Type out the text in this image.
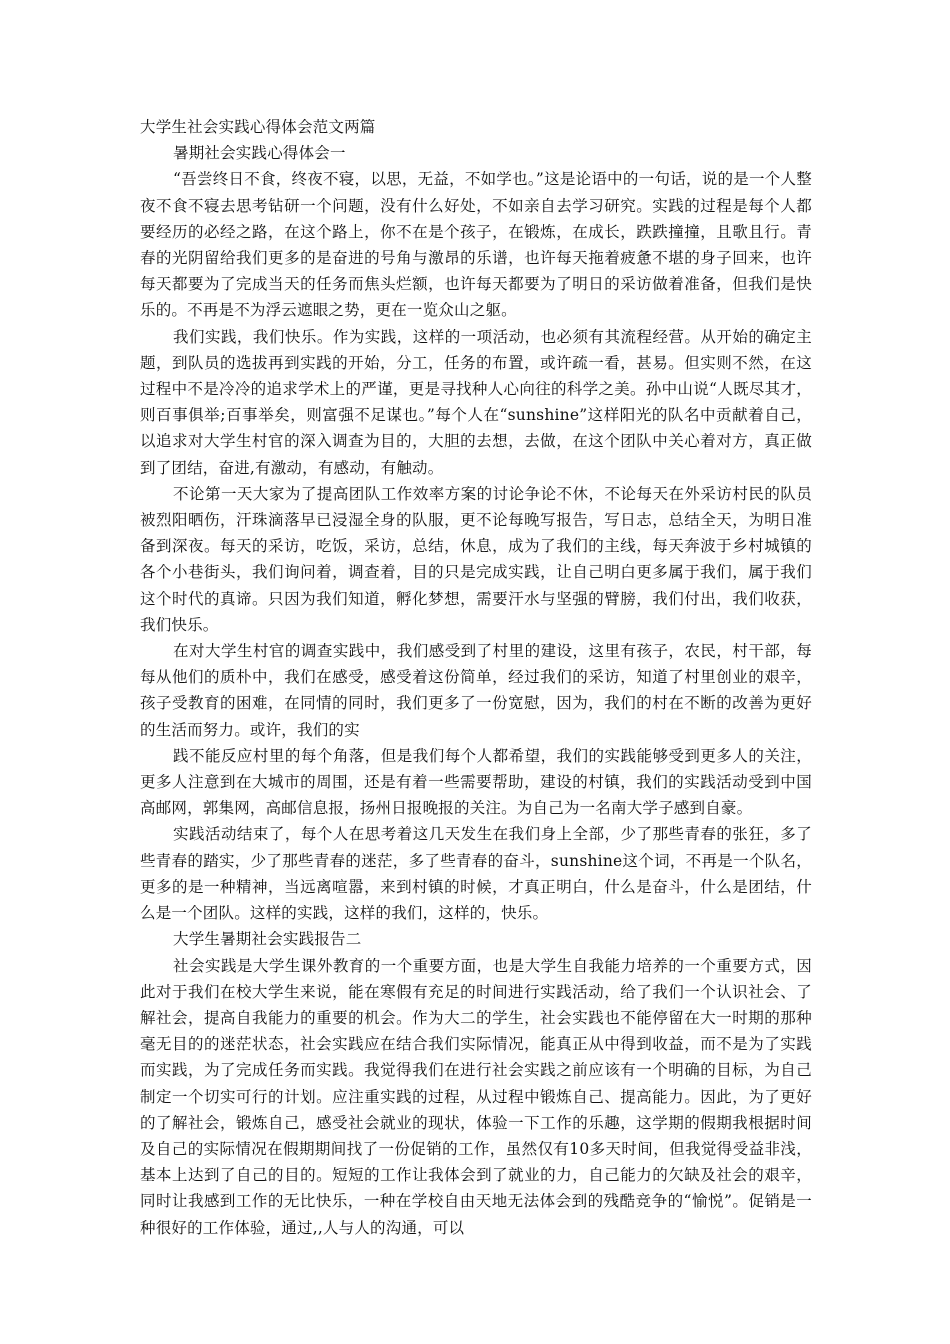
大学生社会实践心得体会范文两篇

暑期社会实践心得体会一

“吾尝终日不食，终夜不寝，以思，无益，不如学也。”这是论语中的一句话，说的是一个人整夜不食不寝去思考钻研一个问题，没有什么好处，不如亲自去学习研究。实践的过程是每个人都要经历的必经之路，在这个路上，你不在是个孩子，在锻炼，在成长，跌跌撞撞，且歌且行。青春的光阴留给我们更多的是奋进的号角与激昂的乐谱，也许每天拖着疲惫不堪的身子回来，也许每天都要为了完成当天的任务而焦头烂额，也许每天都要为了明日的采访做着准备，但我们是快乐的。不再是不为浮云遮眼之势，更在一览众山之躯。

我们实践，我们快乐。作为实践，这样的一项活动，也必须有其流程经营。从开始的确定主题，到队员的选拔再到实践的开始，分工，任务的布置，或许疏一看，甚易。但实则不然，在这过程中不是冷冷的追求学术上的严谨，更是寻找种人心向往的科学之美。孙中山说“人既尽其才，则百事俱举;百事举矣，则富强不足谋也。”每个人在“sunshine”这样阳光的队名中贡献着自己，以追求对大学生村官的深入调查为目的，大胆的去想，去做，在这个团队中关心着对方，真正做到了团结，奋进,有激动，有感动，有触动。

不论第一天大家为了提高团队工作效率方案的讨论争论不休，不论每天在外采访村民的队员被烈阳晒伤，汗珠滴落早已浸湿全身的队服，更不论每晚写报告，写日志，总结全天，为明日准备到深夜。每天的采访，吃饭，采访，总结，休息，成为了我们的主线，每天奔波于乡村城镇的各个小巷街头，我们询问着，调查着，目的只是完成实践，让自己明白更多属于我们，属于我们这个时代的真谛。只因为我们知道，孵化梦想，需要汗水与坚强的臂膀，我们付出，我们收获，我们快乐。

在对大学生村官的调查实践中，我们感受到了村里的建设，这里有孩子，农民，村干部，每每从他们的质朴中，我们在感受，感受着这份简单，经过我们的采访，知道了村里创业的艰辛，孩子受教育的困难，在同情的同时，我们更多了一份宽慰，因为，我们的村在不断的改善为更好的生活而努力。或许，我们的实

践不能反应村里的每个角落，但是我们每个人都希望，我们的实践能够受到更多人的关注，更多人注意到在大城市的周围，还是有着一些需要帮助，建设的村镇，我们的实践活动受到中国高邮网，郭集网，高邮信息报，扬州日报晚报的关注。为自己为一名南大学子感到自豪。

实践活动结束了，每个人在思考着这几天发生在我们身上全部，少了那些青春的张狂，多了些青春的踏实，少了那些青春的迷茫，多了些青春的奋斗，sunshine这个词，不再是一个队名，更多的是一种精神，当远离喧嚣，来到村镇的时候，才真正明白，什么是奋斗，什么是团结，什么是一个团队。这样的实践，这样的我们，这样的，快乐。

大学生暑期社会实践报告二

社会实践是大学生课外教育的一个重要方面，也是大学生自我能力培养的一个重要方式，因此对于我们在校大学生来说，能在寒假有充足的时间进行实践活动，给了我们一个认识社会、了解社会，提高自我能力的重要的机会。作为大二的学生，社会实践也不能停留在大一时期的那种毫无目的的迷茫状态，社会实践应在结合我们实际情况，能真正从中得到收益，而不是为了实践而实践，为了完成任务而实践。我觉得我们在进行社会实践之前应该有一个明确的目标，为自己制定一个切实可行的计划。应注重实践的过程，从过程中锻炼自己、提高能力。因此，为了更好的了解社会，锻炼自己，感受社会就业的现状，体验一下工作的乐趣，这学期的假期我根据时间及自己的实际情况在假期期间找了一份促销的工作，虽然仅有10多天时间，但我觉得受益非浅，基本上达到了自己的目的。短短的工作让我体会到了就业的力，自己能力的欠缺及社会的艰辛，同时让我感到工作的无比快乐，一种在学校自由天地无法体会到的残酷竞争的“愉悦”。促销是一种很好的工作体验，通过,,人与人的沟通，可以
